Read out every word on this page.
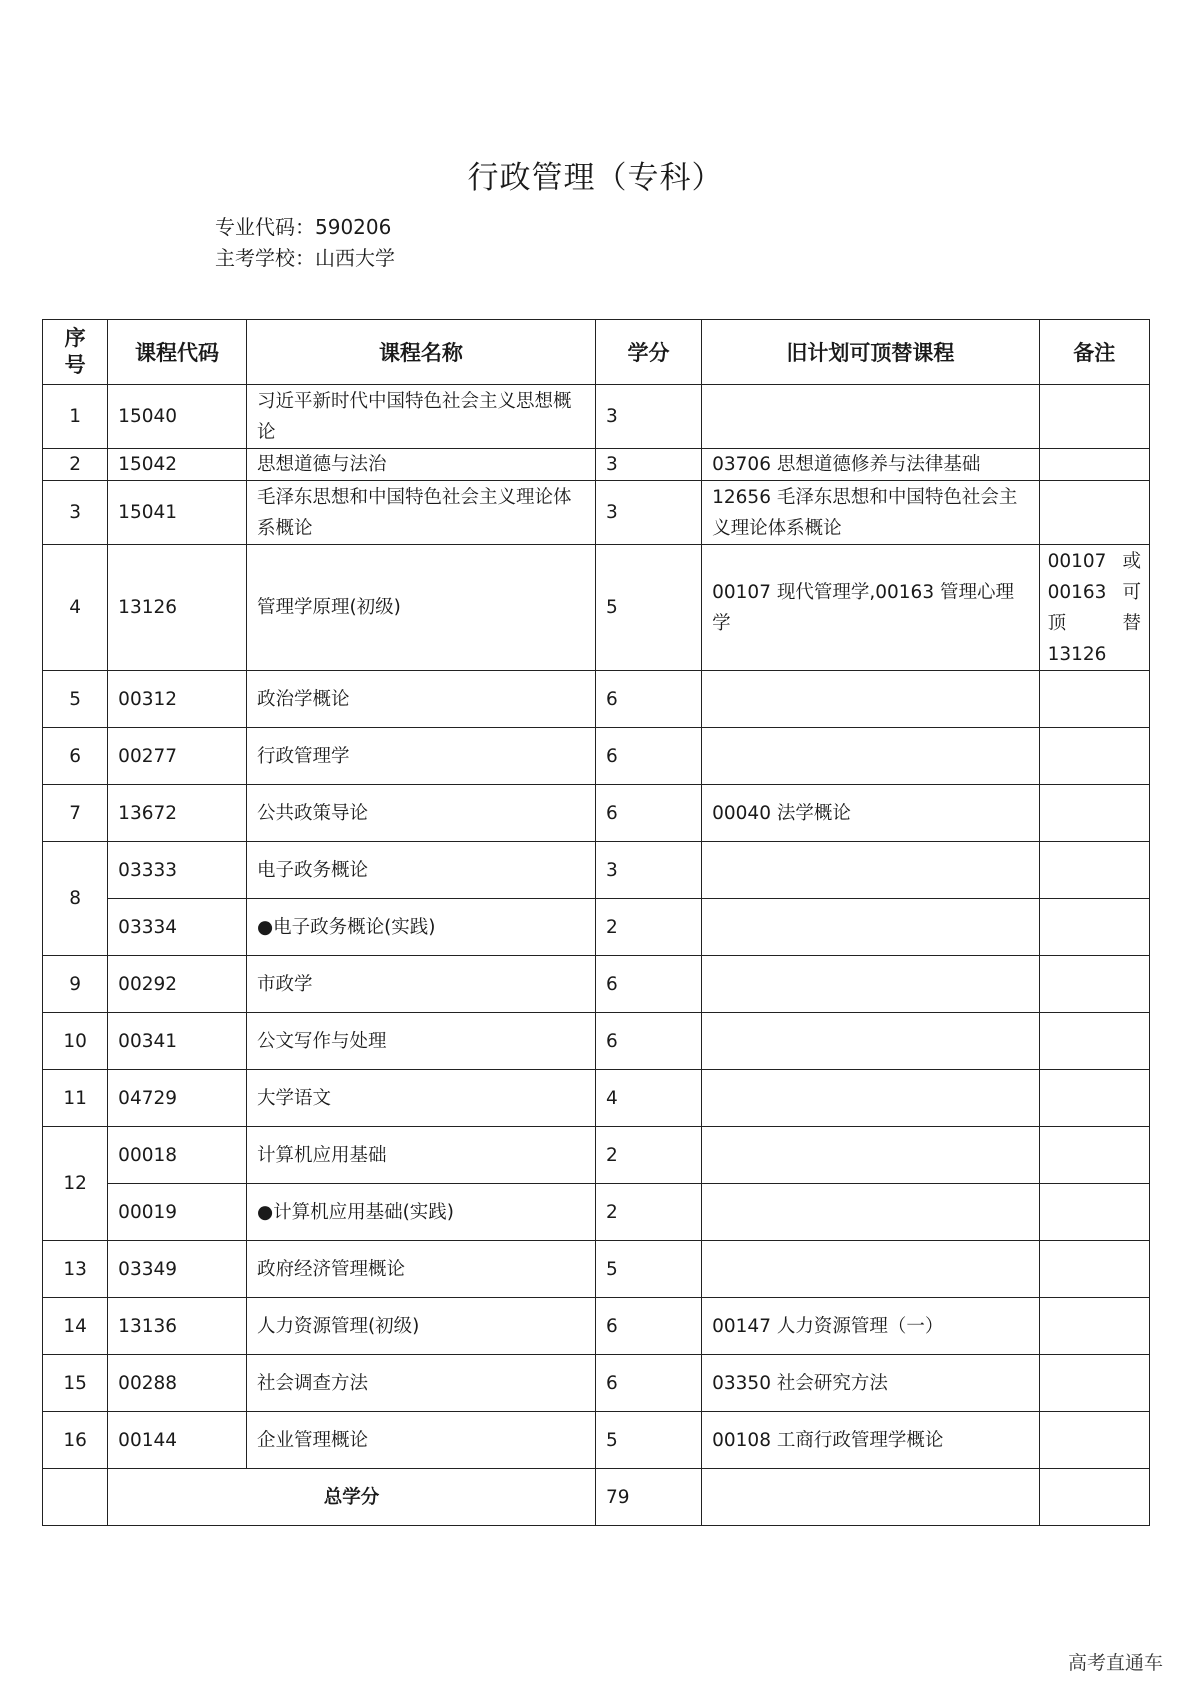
行政管理（专科）
专业代码：590206
主考学校：山西大学
序号	课程代码	课程名称	学分	旧计划可顶替课程	备注
1	15040	习近平新时代中国特色社会主义思想概论	3		
2	15042	思想道德与法治	3	03706 思想道德修养与法律基础	
3	15041	毛泽东思想和中国特色社会主义理论体系概论	3	12656 毛泽东思想和中国特色社会主义理论体系概论	
4	13126	管理学原理(初级)	5	00107 现代管理学,00163 管理心理学	00107 或 00163 可 顶 替 13126
5	00312	政治学概论	6		
6	00277	行政管理学	6		
7	13672	公共政策导论	6	00040 法学概论	
8	03333	电子政务概论	3		
	03334	●电子政务概论(实践)	2		
9	00292	市政学	6		
10	00341	公文写作与处理	6		
11	04729	大学语文	4		
12	00018	计算机应用基础	2		
	00019	●计算机应用基础(实践)	2		
13	03349	政府经济管理概论	5		
14	13136	人力资源管理(初级)	6	00147 人力资源管理（一）	
15	00288	社会调查方法	6	03350 社会研究方法	
16	00144	企业管理概论	5	00108 工商行政管理学概论	
	总学分		79		
高考直通车
